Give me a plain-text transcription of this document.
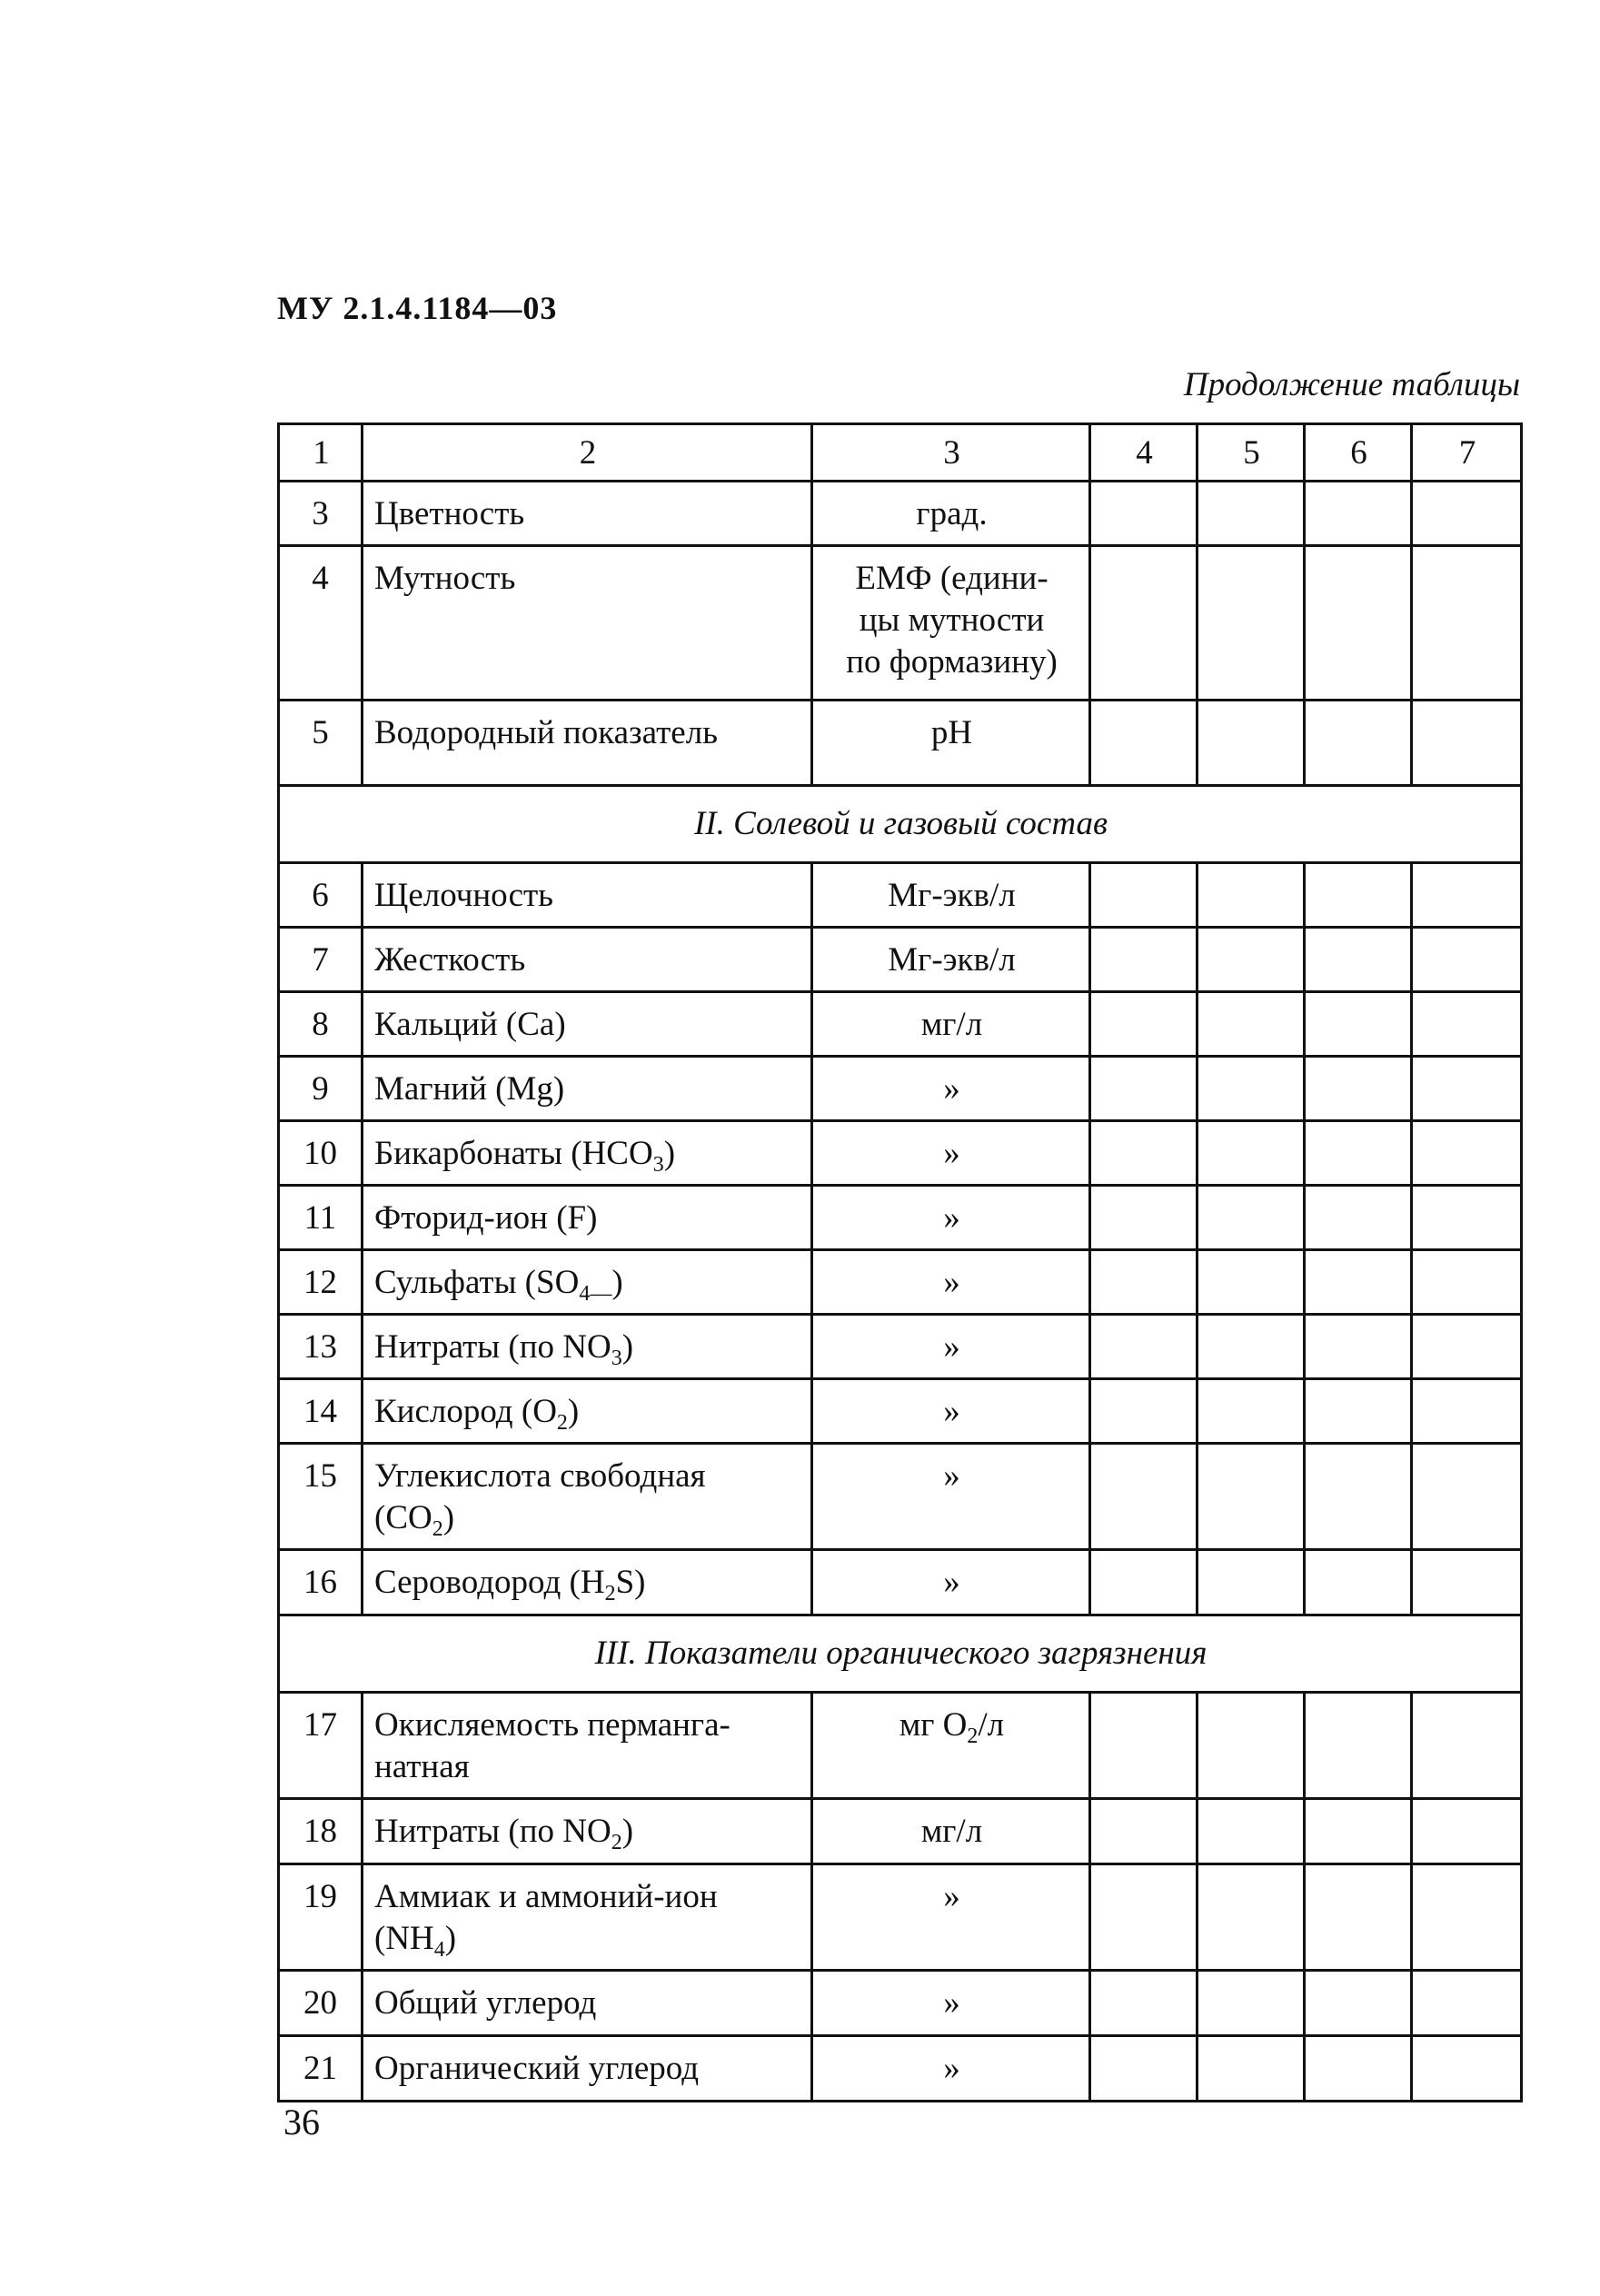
МУ 2.1.4.1184—03
Продолжение таблицы
1	2	3	4	5	6	7
3	Цветность	град.				
4	Мутность	ЕМФ (едини-
цы мутности
по формазину)				
5	Водородный показатель	pH				
II. Солевой и газовый состав						
6	Щелочность	Мг-экв/л				
7	Жесткость	Мг-экв/л				
8	Кальций (Са)	мг/л				
9	Магний (Mg)	»				
10	Бикарбонаты $(НСО_3)$	»				
11	Фторид-ион (F)	»				
12	Сульфаты $(SO_{4—})$	»				
13	Нитраты (по $NO_3$)	»				
14	Кислород $(O_2)$	»				
15	Углекислота свободная
$(CO_2)$	»				
16	Сероводород $(H_2S)$	»				
III. Показатели органического загрязнения						
17	Окисляемость перманга-
натная	мг $O_2/л$				
18	Нитраты (по $NO_2$)	мг/л				
19	Аммиак и аммоний-ион
$(NH_4)$	»				
20	Общий углерод	»				
21	Органический углерод	»				
36
